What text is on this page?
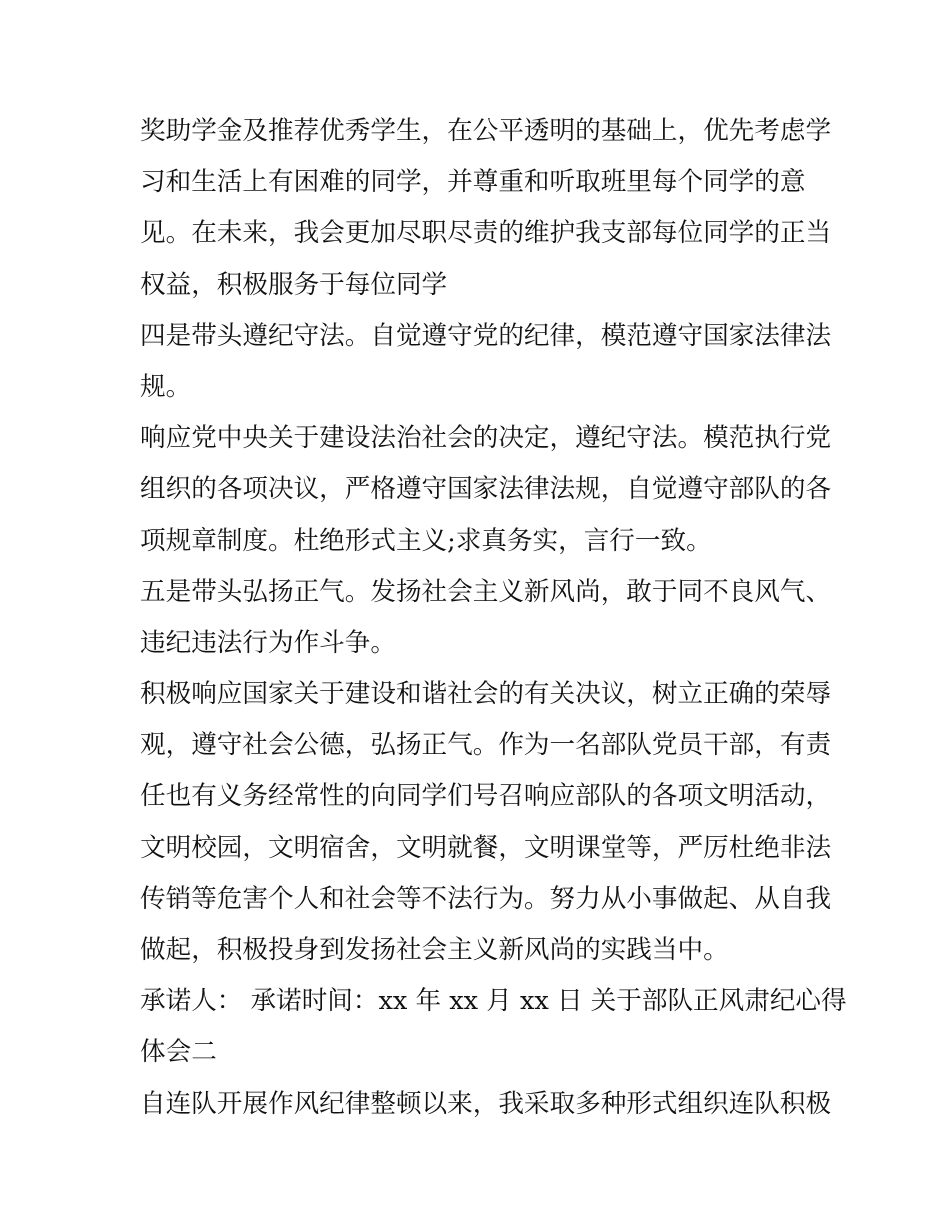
奖助学金及推荐优秀学生，在公平透明的基础上，优先考虑学
习和生活上有困难的同学，并尊重和听取班里每个同学的意
见。在未来，我会更加尽职尽责的维护我支部每位同学的正当
权益，积极服务于每位同学
四是带头遵纪守法。自觉遵守党的纪律，模范遵守国家法律法
规。
响应党中央关于建设法治社会的决定，遵纪守法。模范执行党
组织的各项决议，严格遵守国家法律法规，自觉遵守部队的各
项规章制度。杜绝形式主义;求真务实，言行一致。
五是带头弘扬正气。发扬社会主义新风尚，敢于同不良风气、
违纪违法行为作斗争。
积极响应国家关于建设和谐社会的有关决议，树立正确的荣辱
观，遵守社会公德，弘扬正气。作为一名部队党员干部，有责
任也有义务经常性的向同学们号召响应部队的各项文明活动，
文明校园，文明宿舍，文明就餐，文明课堂等，严厉杜绝非法
传销等危害个人和社会等不法行为。努力从小事做起、从自我
做起，积极投身到发扬社会主义新风尚的实践当中。
承诺人： 承诺时间：xx 年 xx 月 xx 日 关于部队正风肃纪心得
体会二
自连队开展作风纪律整顿以来，我采取多种形式组织连队积极
